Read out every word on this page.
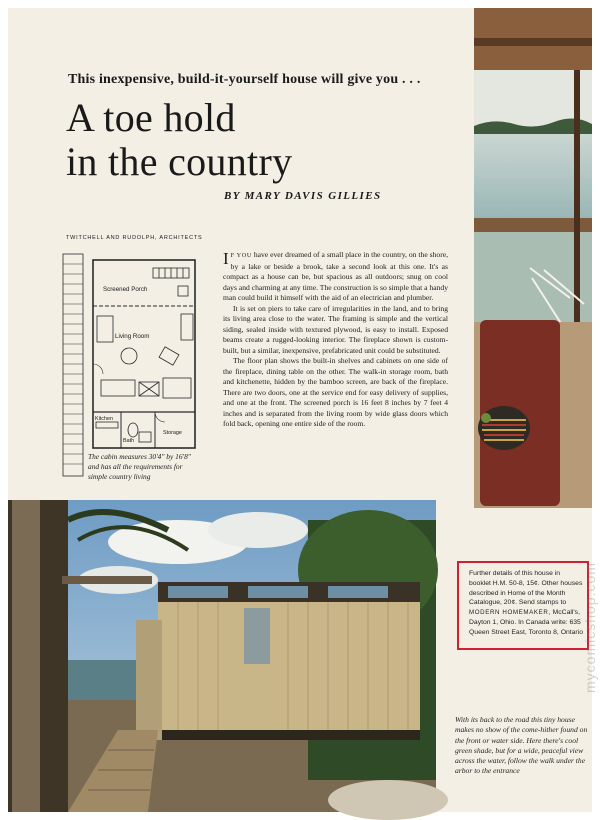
This inexpensive, build-it-yourself house will give you . . .
A toe hold
in the country
BY MARY DAVIS GILLIES
TWITCHELL AND RUDOLPH, ARCHITECTS
Screened Porch
Living Room
Kitchen
Bath
Storage
The cabin measures 30'4" by 16'8" and has all the requirements for simple country living

I F YOU have ever dreamed of a small place in the country, on the shore, by a lake or beside a brook, take a second look at this one. It's as compact as a house can be, but spacious as all outdoors; snug on cool days and charming at any time. The construction is so simple that a handy man could build it himself with the aid of an electrician and plumber.

It is set on piers to take care of irregularities in the land, and to bring its living area close to the water. The framing is simple and the vertical siding, sealed inside with textured plywood, is easy to install. Exposed beams create a rugged-looking interior. The fireplace shown is custom-built, but a similar, inexpensive, prefabricated unit could be substituted.

The floor plan shows the built-in shelves and cabinets on one side of the fireplace, dining table on the other. The walk-in storage room, bath and kitchenette, hidden by the bamboo screen, are back of the fireplace. There are two doors, one at the service end for easy delivery of supplies, and one at the front. The screened porch is 16 feet 8 inches by 7 feet 4 inches and is separated from the living room by wide glass doors which fold back, opening one entire side of the room.

Further details of this house in booklet H.M. 50-8, 15¢. Other houses described in Home of the Month Catalogue, 20¢. Send stamps to MODERN HOMEMAKER, McCall's, Dayton 1, Ohio. In Canada write: 635 Queen Street East, Toronto 8, Ontario
With its back to the road this tiny house makes no show of the come-hither found on the front or water side. Here there's cool green shade, but for a wide, peaceful view across the water, follow the walk under the arbor to the entrance
mycomicshop.com
